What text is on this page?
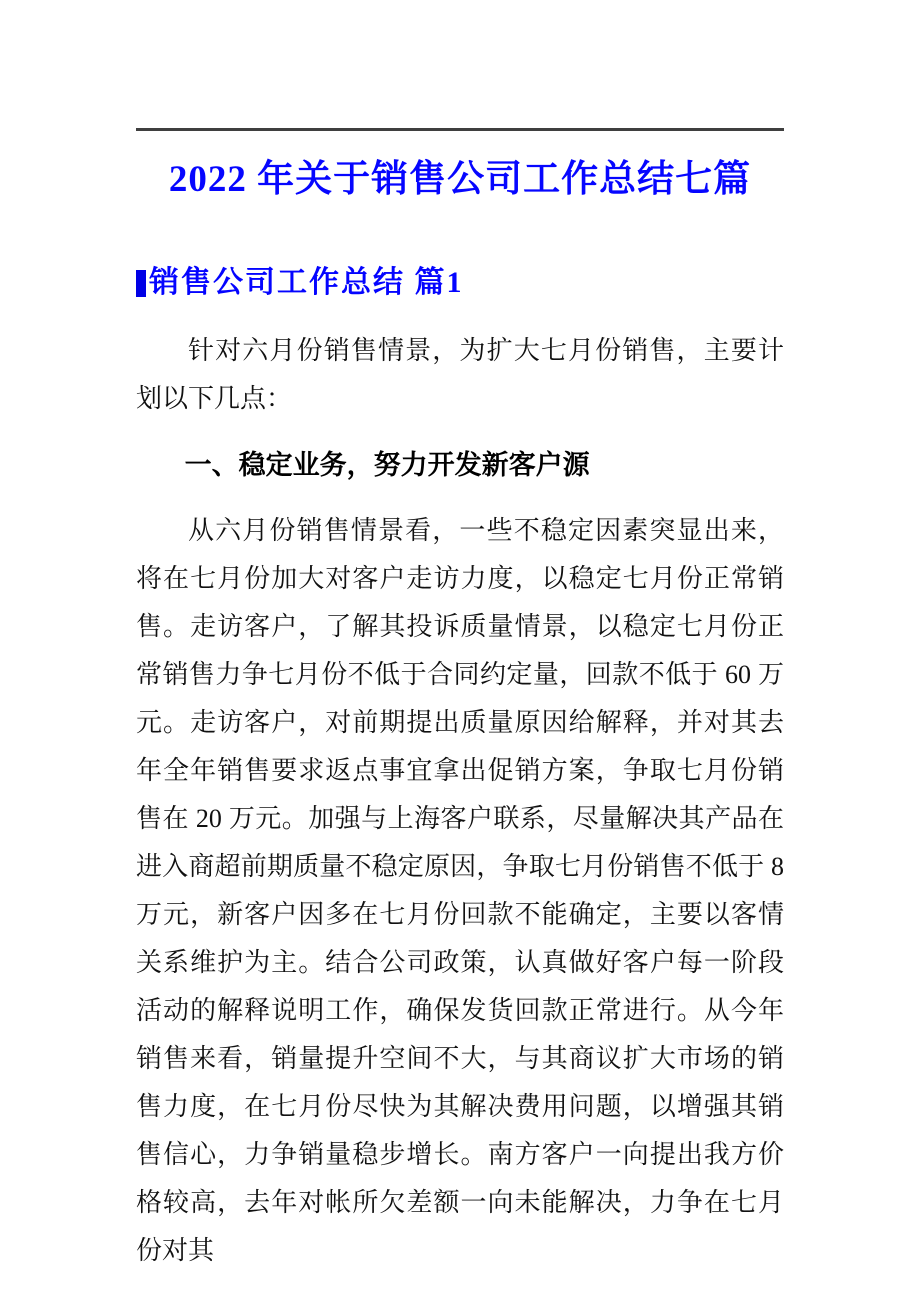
2022 年关于销售公司工作总结七篇
销售公司工作总结 篇1

针对六月份销售情景，为扩大七月份销售，主要计划以下几点：

一、稳定业务，努力开发新客户源

从六月份销售情景看，一些不稳定因素突显出来，将在七月份加大对客户走访力度，以稳定七月份正常销售。走访客户，了解其投诉质量情景，以稳定七月份正常销售力争七月份不低于合同约定量，回款不低于 60 万元。走访客户，对前期提出质量原因给解释，并对其去年全年销售要求返点事宜拿出促销方案，争取七月份销售在 20 万元。加强与上海客户联系，尽量解决其产品在进入商超前期质量不稳定原因，争取七月份销售不低于 8 万元，新客户因多在七月份回款不能确定，主要以客情关系维护为主。结合公司政策，认真做好客户每一阶段活动的解释说明工作，确保发货回款正常进行。从今年销售来看，销量提升空间不大，与其商议扩大市场的销售力度，在七月份尽快为其解决费用问题，以增强其销售信心，力争销量稳步增长。南方客户一向提出我方价格较高，去年对帐所欠差额一向未能解决，力争在七月份对其
